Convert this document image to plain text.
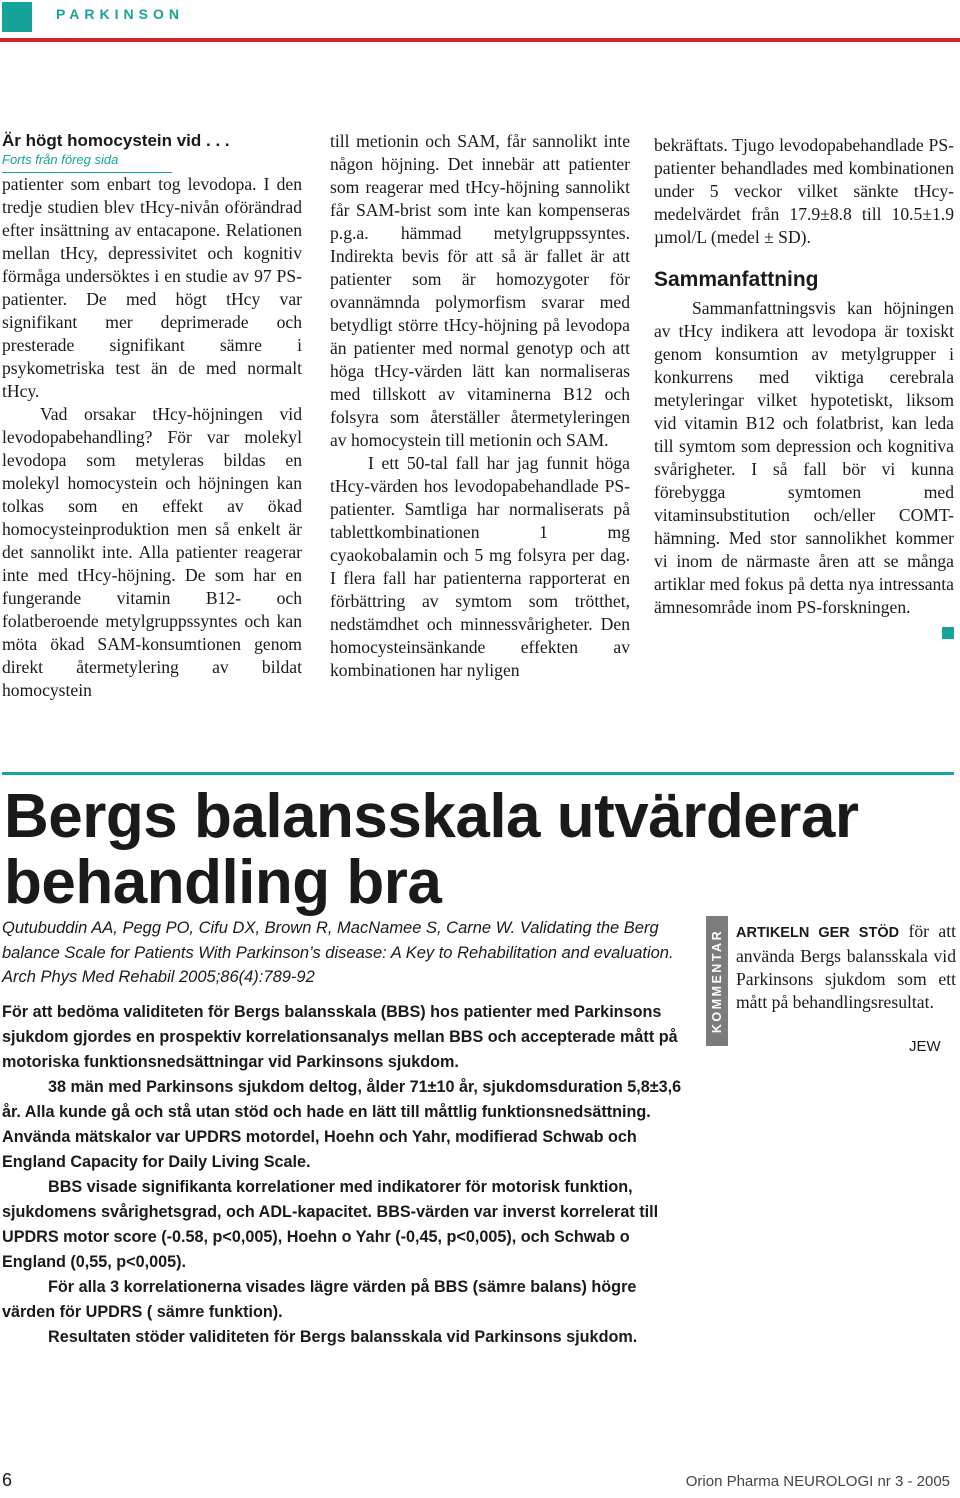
PARKINSON

Är högt homocystein vid . . .

Forts från föreg sida

patienter som enbart tog levodopa. I den tredje studien blev tHcy-nivån oförändrad efter insättning av entacapone. Relationen mellan tHcy, depressivitet och kognitiv förmåga undersöktes i en studie av 97 PS-patienter. De med högt tHcy var signifikant mer deprimerade och presterade signifikant sämre i psykometriska test än de med normalt tHcy.

Vad orsakar tHcy-höjningen vid levodopabehandling? För var molekyl levodopa som metyleras bildas en molekyl homocystein och höjningen kan tolkas som en effekt av ökad homocysteinproduktion men så enkelt är det sannolikt inte. Alla patienter reagerar inte med tHcy-höjning. De som har en fungerande vitamin B12- och folatberoende metylgruppssyntes och kan möta ökad SAM-konsumtionen genom direkt återmetylering av bildat homocystein

till metionin och SAM, får sannolikt inte någon höjning. Det innebär att patienter som reagerar med tHcy-höjning sannolikt får SAM-brist som inte kan kompenseras p.g.a. hämmad metylgruppssyntes. Indirekta bevis för att så är fallet är att patienter som är homozygoter för ovannämnda polymorfism svarar med betydligt större tHcy-höjning på levodopa än patienter med normal genotyp och att höga tHcy-värden lätt kan normaliseras med tillskott av vitaminerna B12 och folsyra som återställer återmetyleringen av homocystein till metionin och SAM.

I ett 50-tal fall har jag funnit höga tHcy-värden hos levodopabehandlade PS-patienter. Samtliga har normaliserats på tablettkombinationen 1 mg cyaokobalamin och 5 mg folsyra per dag. I flera fall har patienterna rapporterat en förbättring av symtom som trötthet, nedstämdhet och minnessvårigheter. Den homocysteinsänkande effekten av kombinationen har nyligen

bekräftats. Tjugo levodopabehandlade PS-patienter behandlades med kombinationen under 5 veckor vilket sänkte tHcy-medelvärdet från 17.9±8.8 till 10.5±1.9 µmol/L (medel ± SD).

Sammanfattning

Sammanfattningsvis kan höjningen av tHcy indikera att levodopa är toxiskt genom konsumtion av metylgrupper i konkurrens med viktiga cerebrala metyleringar vilket hypotetiskt, liksom vid vitamin B12 och folatbrist, kan leda till symtom som depression och kognitiva svårigheter. I så fall bör vi kunna förebygga symtomen med vitaminsubstitution och/eller COMT-hämning. Med stor sannolikhet kommer vi inom de närmaste åren att se många artiklar med fokus på detta nya intressanta ämnesområde inom PS-forskningen.

Bergs balansskala utvärderar behandling bra

Qutubuddin AA, Pegg PO, Cifu DX, Brown R, MacNamee S, Carne W. Validating the Berg balance Scale for Patients With Parkinson’s disease: A Key to Rehabilitation and evaluation. Arch Phys Med Rehabil 2005;86(4):789-92

För att bedöma validiteten för Bergs balansskala (BBS) hos patienter med Parkinsons sjukdom gjordes en prospektiv korrelationsanalys mellan BBS och accepterade mått på motoriska funktionsnedsättningar vid Parkinsons sjukdom.

38 män med Parkinsons sjukdom deltog, ålder 71±10 år, sjukdomsduration 5,8±3,6 år. Alla kunde gå och stå utan stöd och hade en lätt till måttlig funktionsnedsättning. Använda mätskalor var UPDRS motordel, Hoehn och Yahr, modifierad Schwab och England Capacity for Daily Living Scale.

BBS visade signifikanta korrelationer med indikatorer för motorisk funktion, sjukdomens svårighetsgrad, och ADL-kapacitet. BBS-värden var inverst korrelerat till UPDRS motor score (-0.58, p<0,005), Hoehn o Yahr (-0,45, p<0,005), och Schwab o England (0,55, p<0,005).

För alla 3 korrelationerna visades lägre värden på BBS (sämre balans) högre värden för UPDRS ( sämre funktion).

Resultaten stöder validiteten för Bergs balansskala vid Parkinsons sjukdom.

KOMMENTAR ARTIKELN GER STÖD för att använda Bergs balansskala vid Parkinsons sjukdom som ett mått på behandlingsresultat.

JEW
6	Orion Pharma NEUROLOGI nr 3 - 2005
